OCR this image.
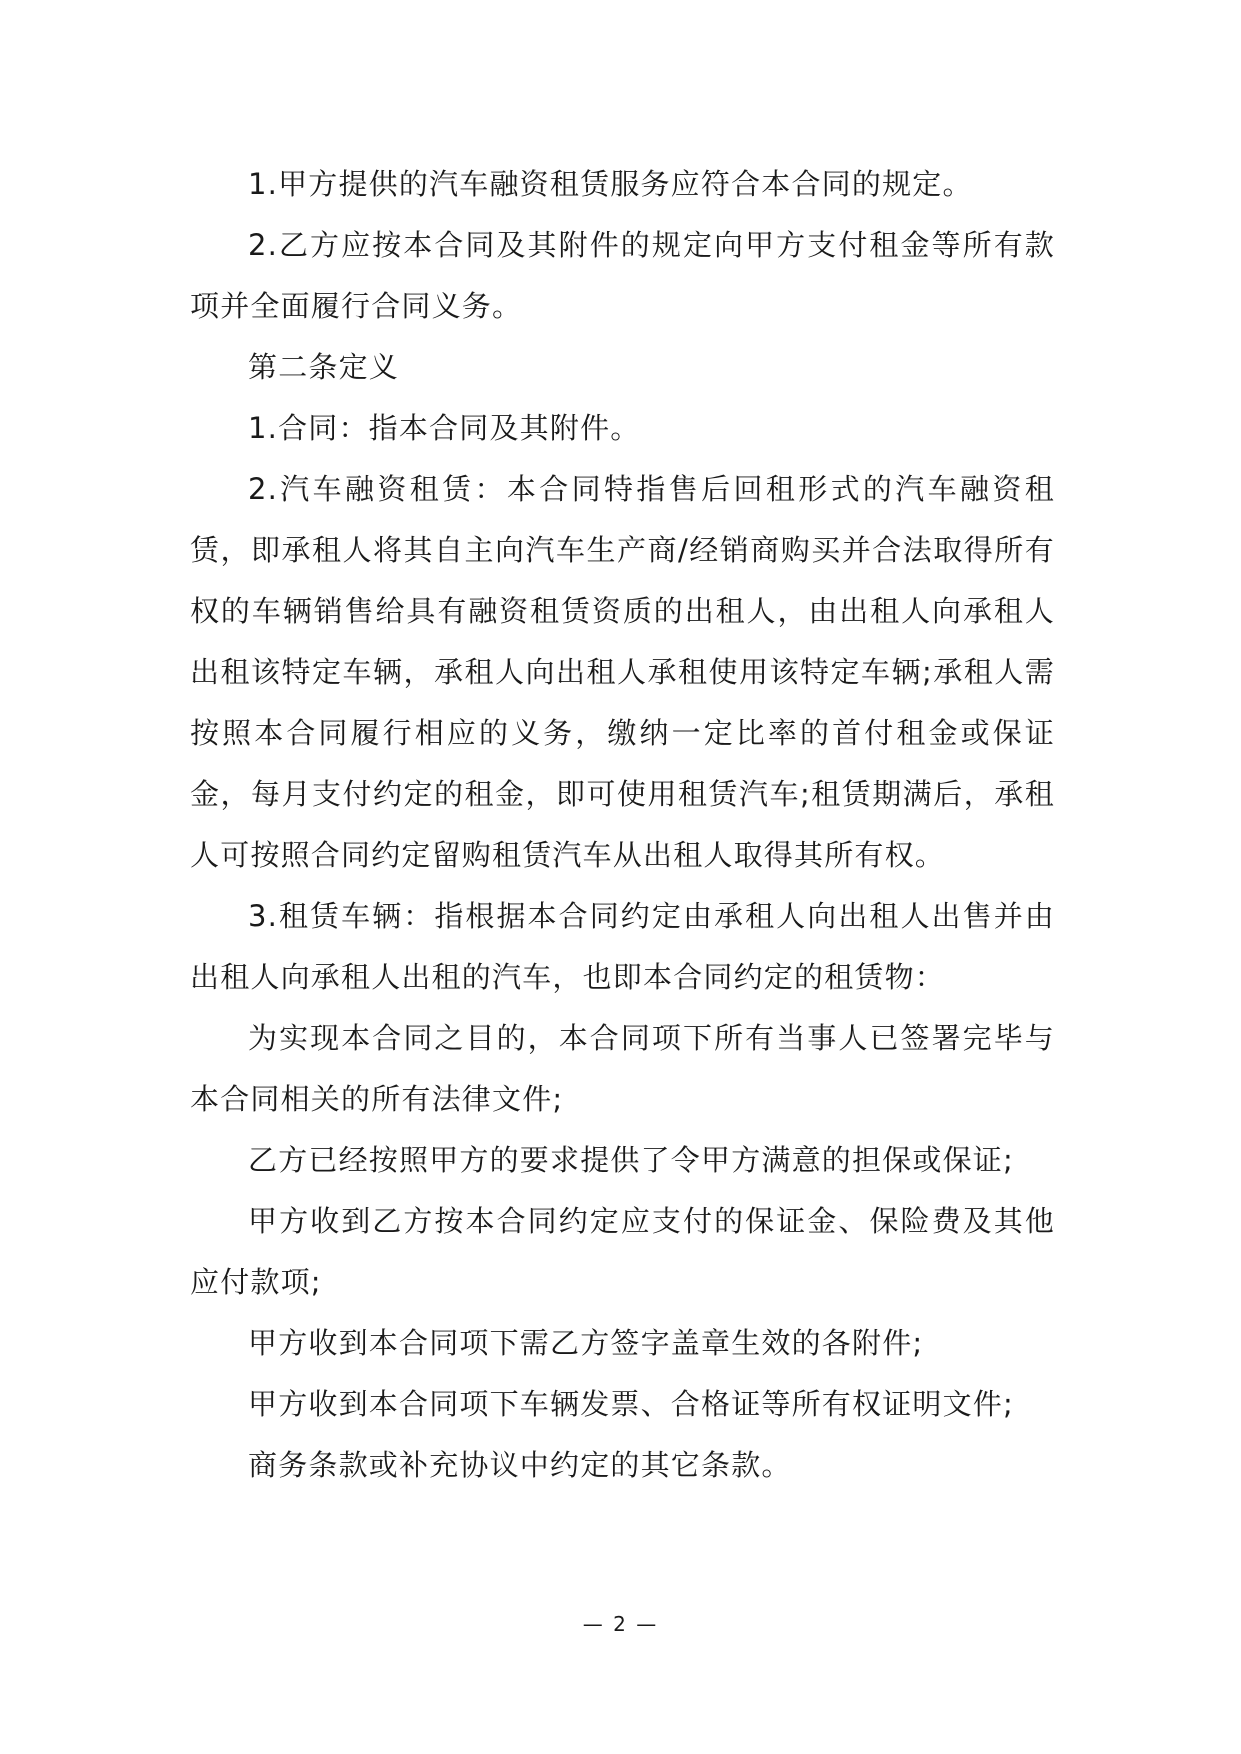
1.甲方提供的汽车融资租赁服务应符合本合同的规定。

2.乙方应按本合同及其附件的规定向甲方支付租金等所有款项并全面履行合同义务。

第二条定义

1.合同：指本合同及其附件。

2.汽车融资租赁：本合同特指售后回租形式的汽车融资租赁，即承租人将其自主向汽车生产商/经销商购买并合法取得所有权的车辆销售给具有融资租赁资质的出租人，由出租人向承租人出租该特定车辆，承租人向出租人承租使用该特定车辆;承租人需按照本合同履行相应的义务，缴纳一定比率的首付租金或保证金，每月支付约定的租金，即可使用租赁汽车;租赁期满后，承租人可按照合同约定留购租赁汽车从出租人取得其所有权。

3.租赁车辆：指根据本合同约定由承租人向出租人出售并由出租人向承租人出租的汽车，也即本合同约定的租赁物：

为实现本合同之目的，本合同项下所有当事人已签署完毕与本合同相关的所有法律文件;

乙方已经按照甲方的要求提供了令甲方满意的担保或保证;

甲方收到乙方按本合同约定应支付的保证金、保险费及其他应付款项;

甲方收到本合同项下需乙方签字盖章生效的各附件;

甲方收到本合同项下车辆发票、合格证等所有权证明文件;

商务条款或补充协议中约定的其它条款。

— 2 —
